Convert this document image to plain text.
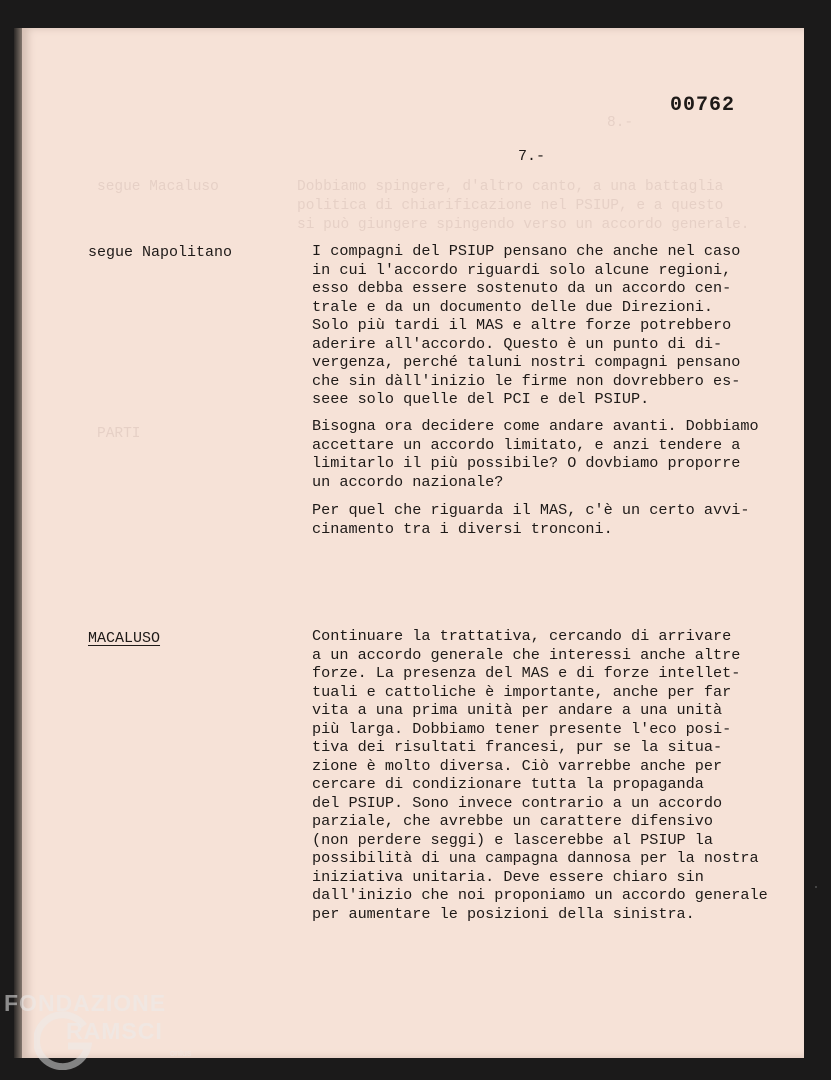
8.-
segue Macaluso

PARTI
Dobbiamo spingere, d'altro canto, a una battaglia
politica di chiarificazione nel PSIUP, e a questo
si può giungere spingendo verso un accordo generale.
00762
7.-
segue Napolitano	I compagni del PSIUP pensano che anche nel caso
in cui l'accordo riguardi solo alcune regioni,
esso debba essere sostenuto da un accordo cen-
trale e da un documento delle due Direzioni.
Solo più tardi il MAS e altre forze potrebbero
aderire all'accordo. Questo è un punto di di-
vergenza, perché taluni nostri compagni pensano
che sin dàll'inizio le firme non dovrebbero es-
seee solo quelle del PCI e del PSIUP.
Bisogna ora decidere come andare avanti. Dobbiamo
accettare un accordo limitato, e anzi tendere a
limitarlo il più possibile? O dovbiamo proporre
un accordo nazionale?
Per quel che riguarda il MAS, c'è un certo avvi-
cinamento tra i diversi tronconi.
MACALUSO	Continuare la trattativa, cercando di arrivare
a un accordo generale che interessi anche altre
forze. La presenza del MAS e di forze intellet-
tuali e cattoliche è importante, anche per far
vita a una prima unità per andare a una unità
più larga. Dobbiamo tener presente l'eco posi-
tiva dei risultati francesi, pur se la situa-
zione è molto diversa. Ciò varrebbe anche per
cercare di condizionare tutta la propaganda
del PSIUP. Sono invece contrario a un accordo
parziale, che avrebbe un carattere difensivo
(non perdere seggi) e lascerebbe al PSIUP la
possibilità di una campagna dannosa per la nostra
iniziativa unitaria. Deve essere chiaro sin
dall'inizio che noi proponiamo un accordo generale
per aumentare le posizioni della sinistra.
FONDAZIONE
RAMSCI
onlus
